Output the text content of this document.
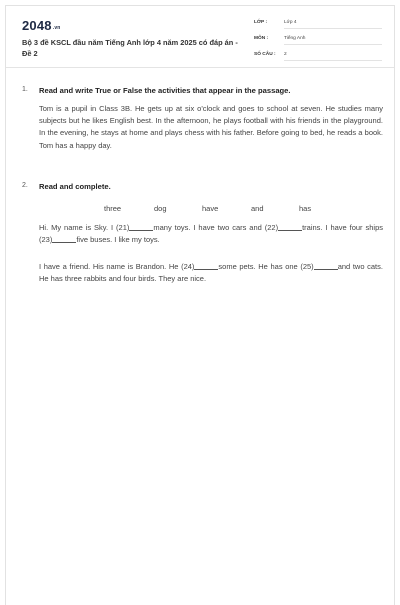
2048.vn
Bộ 3 đề KSCL đầu năm Tiếng Anh lớp 4 năm 2025 có đáp án - Đề 2
LỚP :	Lớp 4
MÔN :	Tiếng Anh
SỐ CÂU : 2
1. Read and write True or False the activities that appear in the passage.
Tom is a pupil in Class 3B. He gets up at six o'clock and goes to school at seven. He studies many subjects but he likes English best. In the afternoon, he plays football with his friends in the playground. In the evening, he stays at home and plays chess with his father. Before going to bed, he reads a book. Tom has a happy day.
2. Read and complete.
three	dog	have	and	has
Hi. My name is Sky. I (21)	many toys. I have two cars and (22)	trains. I have four ships (23)	five buses. I like my toys.
I have a friend. His name is Brandon. He (24)	some pets. He has one (25)	and two cats. He has three rabbits and four birds. They are nice.
